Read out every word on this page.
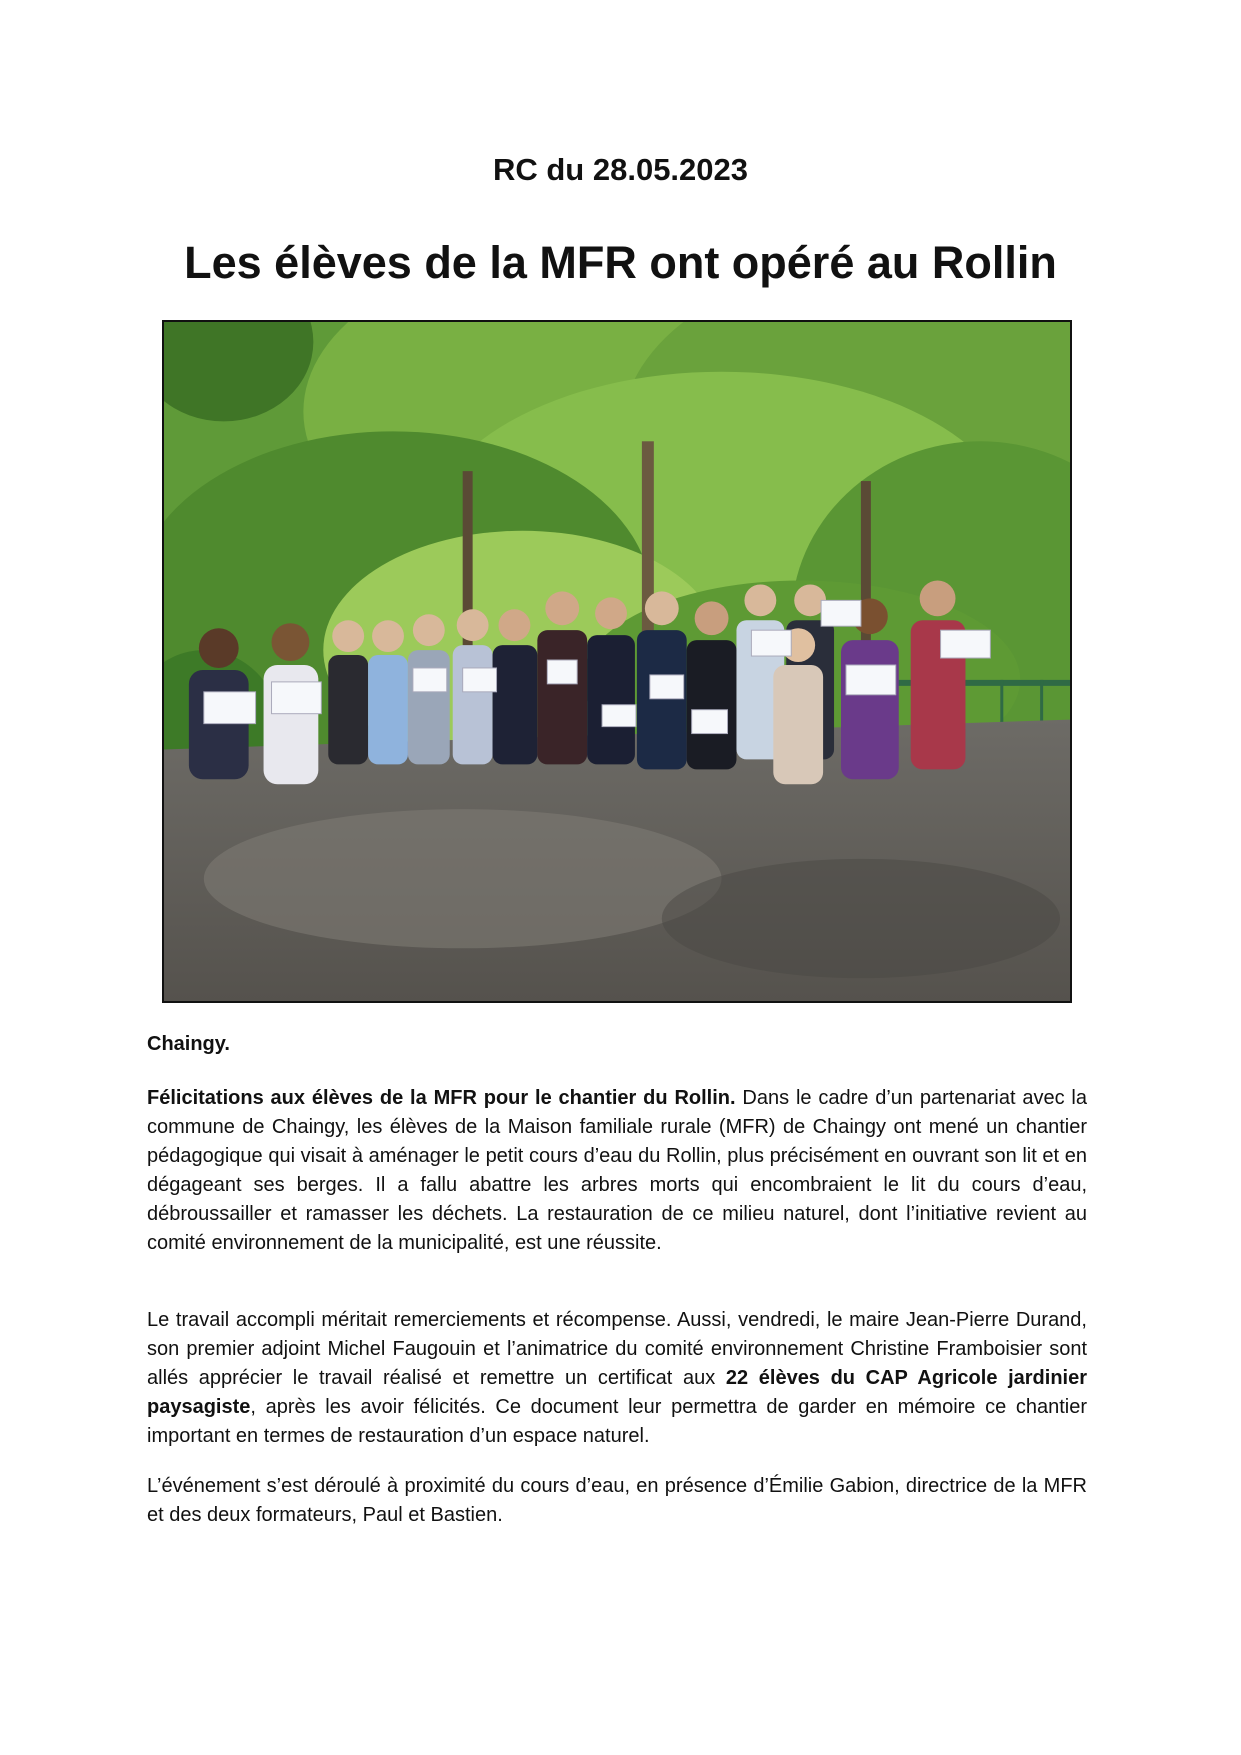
RC du 28.05.2023
Les élèves de la MFR ont opéré au Rollin
Chaingy.

Félicitations aux élèves de la MFR pour le chantier du Rollin. Dans le cadre d’un partenariat avec la commune de Chaingy, les élèves de la Maison familiale rurale (MFR) de Chaingy ont mené un chantier pédagogique qui visait à aménager le petit cours d’eau du Rollin, plus précisément en ouvrant son lit et en dégageant ses berges. Il a fallu abattre les arbres morts qui encombraient le lit du cours d’eau, débroussailler et ramasser les déchets. La restauration de ce milieu naturel, dont l’initiative revient au comité environnement de la municipalité, est une réussite.

Le travail accompli méritait remerciements et récompense. Aussi, vendredi, le maire Jean-Pierre Durand, son premier adjoint Michel Faugouin et l’animatrice du comité environnement Christine Framboisier sont allés apprécier le travail réalisé et remettre un certificat aux 22 élèves du CAP Agricole jardinier paysagiste, après les avoir félicités. Ce document leur permettra de garder en mémoire ce chantier important en termes de restauration d’un espace naturel.

L’événement s’est déroulé à proximité du cours d’eau, en présence d’Émilie Gabion, directrice de la MFR et des deux formateurs, Paul et Bastien.
